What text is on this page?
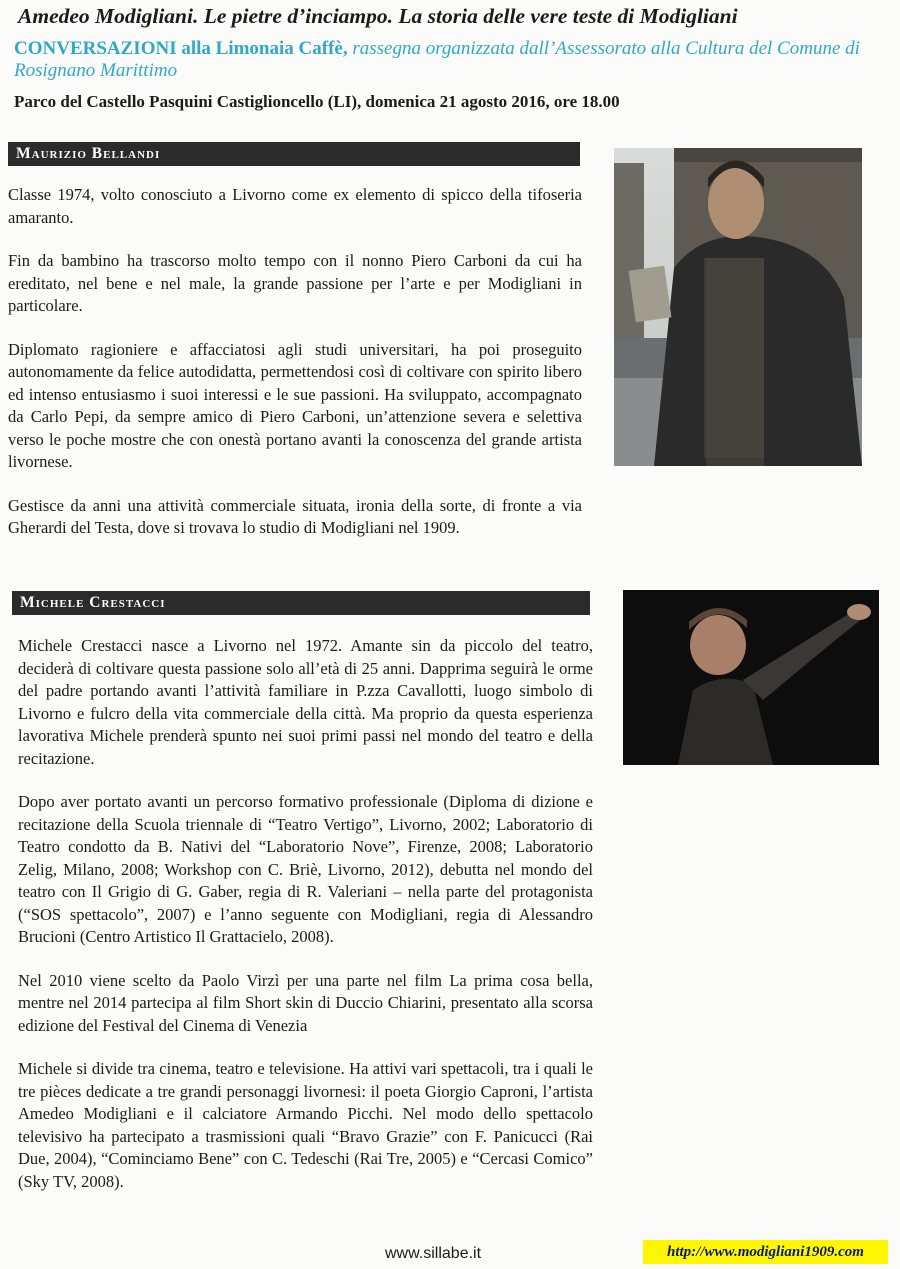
Amedeo Modigliani. Le pietre d’inciampo. La storia delle vere teste di Modigliani
CONVERSAZIONI alla Limonaia Caffè, rassegna organizzata dall’Assessorato alla Cultura del Comune di Rosignano Marittimo
Parco del Castello Pasquini Castiglioncello (LI), domenica 21 agosto 2016, ore 18.00
Maurizio Bellandi

Classe 1974, volto conosciuto a Livorno come ex elemento di spicco della tifoseria amaranto.

Fin da bambino ha trascorso molto tempo con il nonno Piero Carboni da cui ha ereditato, nel bene e nel male, la grande passione per l’arte e per Modigliani in particolare.

Diplomato ragioniere e affacciatosi agli studi universitari, ha poi proseguito autonomamente da felice autodidatta, permettendosi così di coltivare con spirito libero ed intenso entusiasmo i suoi interessi e le sue passioni. Ha sviluppato, accompagnato da Carlo Pepi, da sempre amico di Piero Carboni, un’attenzione severa e selettiva verso le poche mostre che con onestà portano avanti la conoscenza del grande artista livornese.

Gestisce da anni una attività commerciale situata, ironia della sorte, di fronte a via Gherardi del Testa, dove si trovava lo studio di Modigliani nel 1909.

Michele Crestacci

Michele Crestacci nasce a Livorno nel 1972. Amante sin da piccolo del teatro, deciderà di coltivare questa passione solo all’età di 25 anni. Dapprima seguirà le orme del padre portando avanti l’attività familiare in P.zza Cavallotti, luogo simbolo di Livorno e fulcro della vita commerciale della città. Ma proprio da questa esperienza lavorativa Michele prenderà spunto nei suoi primi passi nel mondo del teatro e della recitazione.

Dopo aver portato avanti un percorso formativo professionale (Diploma di dizione e recitazione della Scuola triennale di “Teatro Vertigo”, Livorno, 2002; Laboratorio di Teatro condotto da B. Nativi del “Laboratorio Nove”, Firenze, 2008; Laboratorio Zelig, Milano, 2008; Workshop con C. Briè, Livorno, 2012), debutta nel mondo del teatro con Il Grigio di G. Gaber, regia di R. Valeriani – nella parte del protagonista (“SOS spettacolo”, 2007) e l’anno seguente con Modigliani, regia di Alessandro Brucioni (Centro Artistico Il Grattacielo, 2008).

Nel 2010 viene scelto da Paolo Virzì per una parte nel film La prima cosa bella, mentre nel 2014 partecipa al film Short skin di Duccio Chiarini, presentato alla scorsa edizione del Festival del Cinema di Venezia

Michele si divide tra cinema, teatro e televisione. Ha attivi vari spettacoli, tra i quali le tre pièces dedicate a tre grandi personaggi livornesi: il poeta Giorgio Caproni, l’artista Amedeo Modigliani e il calciatore Armando Picchi. Nel modo dello spettacolo televisivo ha partecipato a trasmissioni quali “Bravo Grazie” con F. Panicucci (Rai Due, 2004), “Cominciamo Bene” con C. Tedeschi (Rai Tre, 2005) e “Cercasi Comico” (Sky TV, 2008).

www.sillabe.it	http://www.modigliani1909.com
